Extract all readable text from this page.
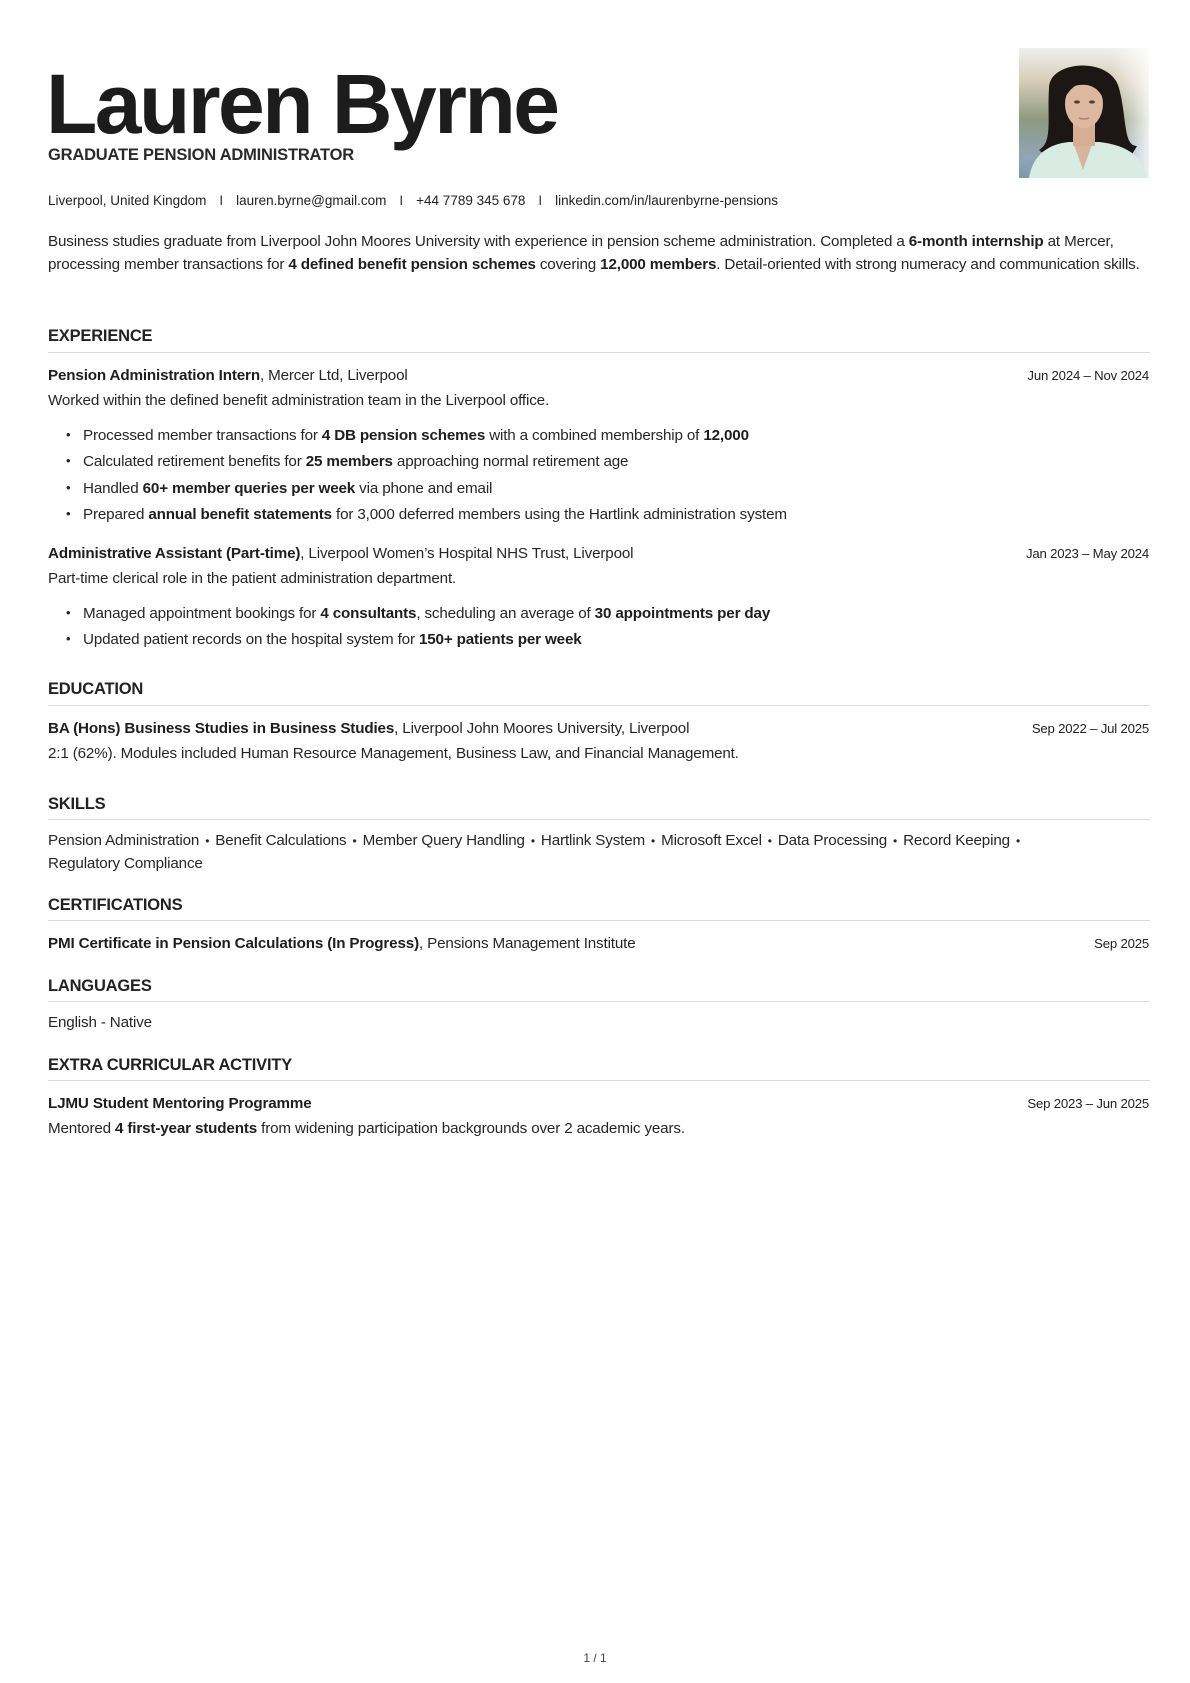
Lauren Byrne
GRADUATE PENSION ADMINISTRATOR
Liverpool, United Kingdom I lauren.byrne@gmail.com I +44 7789 345 678 I linkedin.com/in/laurenbyrne-pensions
Business studies graduate from Liverpool John Moores University with experience in pension scheme administration. Completed a 6-month internship at Mercer, processing member transactions for 4 defined benefit pension schemes covering 12,000 members. Detail-oriented with strong numeracy and communication skills.
EXPERIENCE
Pension Administration Intern, Mercer Ltd, Liverpool	Jun 2024 – Nov 2024
Worked within the defined benefit administration team in the Liverpool office.
• Processed member transactions for 4 DB pension schemes with a combined membership of 12,000
• Calculated retirement benefits for 25 members approaching normal retirement age
• Handled 60+ member queries per week via phone and email
• Prepared annual benefit statements for 3,000 deferred members using the Hartlink administration system
Administrative Assistant (Part-time), Liverpool Women’s Hospital NHS Trust, Liverpool	Jan 2023 – May 2024
Part-time clerical role in the patient administration department.
• Managed appointment bookings for 4 consultants, scheduling an average of 30 appointments per day
• Updated patient records on the hospital system for 150+ patients per week
EDUCATION
BA (Hons) Business Studies in Business Studies, Liverpool John Moores University, Liverpool	Sep 2022 – Jul 2025
2:1 (62%). Modules included Human Resource Management, Business Law, and Financial Management.
SKILLS
Pension Administration • Benefit Calculations • Member Query Handling • Hartlink System • Microsoft Excel • Data Processing • Record Keeping •
Regulatory Compliance
CERTIFICATIONS
PMI Certificate in Pension Calculations (In Progress), Pensions Management Institute	Sep 2025
LANGUAGES
English - Native
EXTRA CURRICULAR ACTIVITY
LJMU Student Mentoring Programme	Sep 2023 – Jun 2025
Mentored 4 first-year students from widening participation backgrounds over 2 academic years.
1 / 1
